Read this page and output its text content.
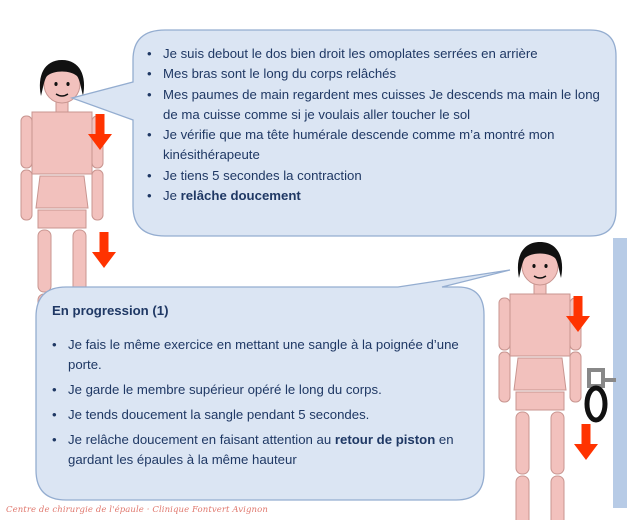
• Je suis debout le dos bien droit les omoplates serrées en arrière
• Mes bras sont le long du corps relâchés
• Mes paumes de main regardent mes cuisses Je descends ma main le long de ma cuisse comme si je voulais aller toucher le sol
• Je vérifie que ma tête humérale descende comme m’a montré mon kinésithérapeute
• Je tiens 5 secondes la contraction
• Je relâche doucement
En progression (1)
• Je fais le même exercice en mettant une sangle à la poignée d’une porte.
• Je garde le membre supérieur opéré le long du corps.
• Je tends doucement la sangle pendant 5 secondes.
• Je relâche doucement en faisant attention au retour de piston en gardant les épaules à la même hauteur
Centre de chirurgie de l'épaule · Clinique Fontvert Avignon
